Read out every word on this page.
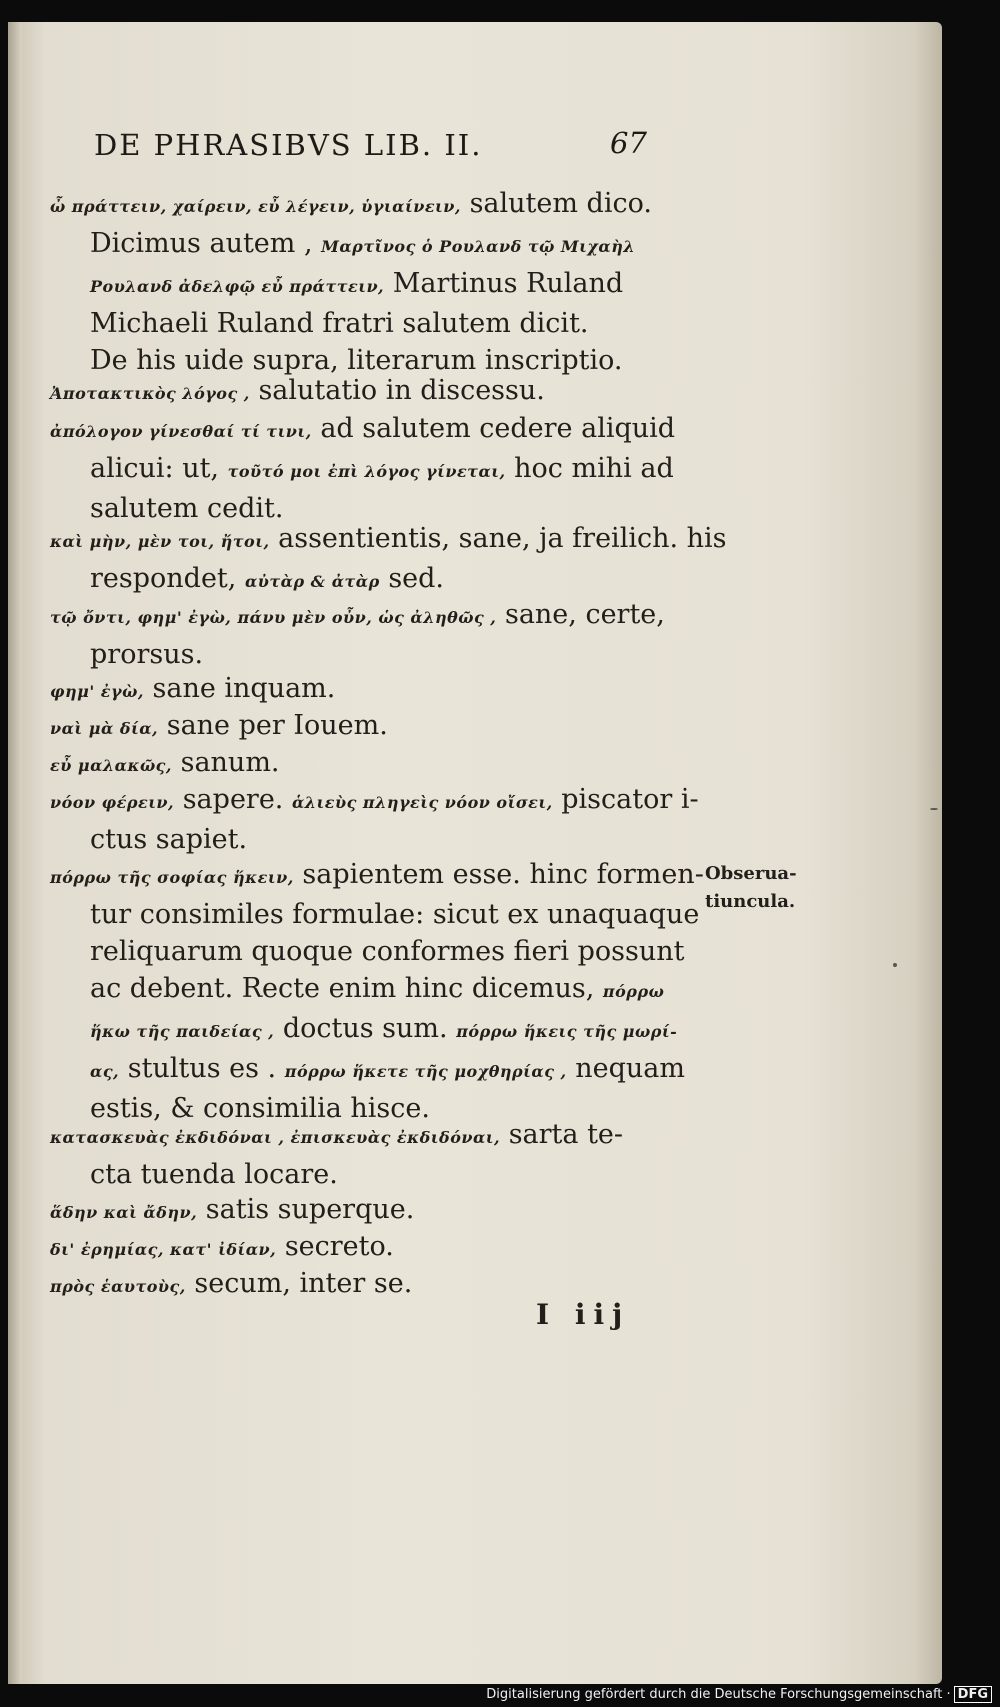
DE PHRASIBVS LIB. II.	67
ὦ πράττειν, χαίρειν, εὖ λέγειν, ὑγιαίνειν, salutem dico.
Dicimus autem , Μαρτῖνος ὁ Ρουλανδ τῷ Μιχαὴλ
Ρουλανδ ἀδελφῷ εὖ πράττειν, Martinus Ruland
Michaeli Ruland fratri salutem dicit.
De his uide supra, literarum inscriptio.
Ἀποτακτικὸς λόγος , salutatio in discessu.
ἀπόλογον γίνεσθαί τί τινι, ad salutem cedere aliquid
alicui: ut, τοῦτό μοι ἐπὶ λόγος γίνεται, hoc mihi ad
salutem cedit.
καὶ μὴν, μὲν τοι, ἤτοι, assentientis, sane, ja freilich. his
respondet, αὐτὰρ & ἀτὰρ sed.
τῷ ὄντι, φημ' ἐγὼ, πάνυ μὲν οὖν, ὡς ἀληθῶς , sane, certe,
prorsus.
φημ' ἐγὼ, sane inquam.
ναὶ μὰ δία, sane per Iouem.
εὖ μαλακῶς, sanum.
νόον φέρειν, sapere. ἁλιεὺς πληγεὶς νόον οἴσει, piscator i-
ctus sapiet.
πόρρω τῆς σοφίας ἥκειν, sapientem esse. hinc formen-
tur consimiles formulae: sicut ex unaquaque
reliquarum quoque conformes fieri possunt
ac debent. Recte enim hinc dicemus, πόρρω
ἥκω τῆς παιδείας , doctus sum. πόρρω ἥκεις τῆς μωρί-
ας, stultus es . πόρρω ἥκετε τῆς μοχθηρίας , nequam
estis, & consimilia hisce.
κατασκευὰς ἐκδιδόναι , ἐπισκευὰς ἐκδιδόναι, sarta te-
cta tuenda locare.
ἅδην καὶ ἄδην, satis superque.
δι' ἐρημίας, κατ' ἰδίαν, secreto.
πρὸς ἑαυτοὺς, secum, inter se.
Obserua-
tiuncula.
I iij
Digitalisierung gefördert durch die Deutsche Forschungsgemeinschaft · DFG
